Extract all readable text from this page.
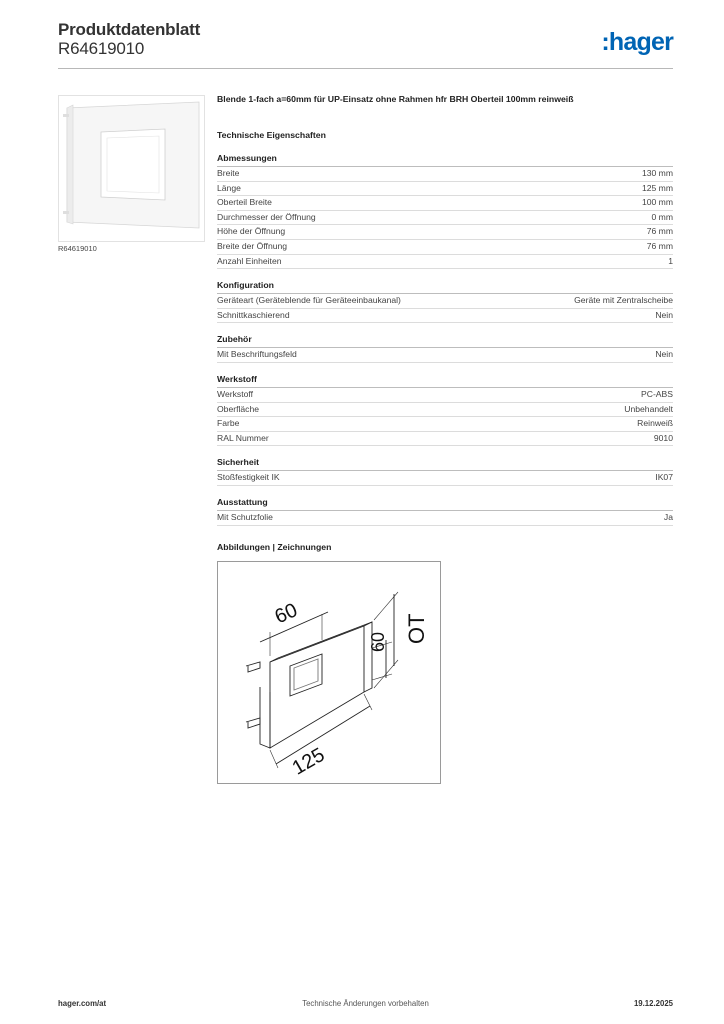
Produktdatenblatt
R64619010	:hager
R64619010
Blende 1-fach a=60mm für UP-Einsatz ohne Rahmen hfr BRH Oberteil 100mm reinweiß
Technische Eigenschaften
Abmessungen
Breite	130 mm
Länge	125 mm
Oberteil Breite	100 mm
Durchmesser der Öffnung	0 mm
Höhe der Öffnung	76 mm
Breite der Öffnung	76 mm
Anzahl Einheiten	1
Konfiguration
Geräteart (Geräteblende für Geräteeinbaukanal)	Geräte mit Zentralscheibe
Schnittkaschierend	Nein
Zubehör
Mit Beschriftungsfeld	Nein
Werkstoff
Werkstoff	PC-ABS
Oberfläche	Unbehandelt
Farbe	Reinweiß
RAL Nummer	9010
Sicherheit
Stoßfestigkeit IK	IK07
Ausstattung
Mit Schutzfolie	Ja
Abbildungen | Zeichnungen
60
60 OT
125
hager.com/at	Technische Änderungen vorbehalten	19.12.2025
